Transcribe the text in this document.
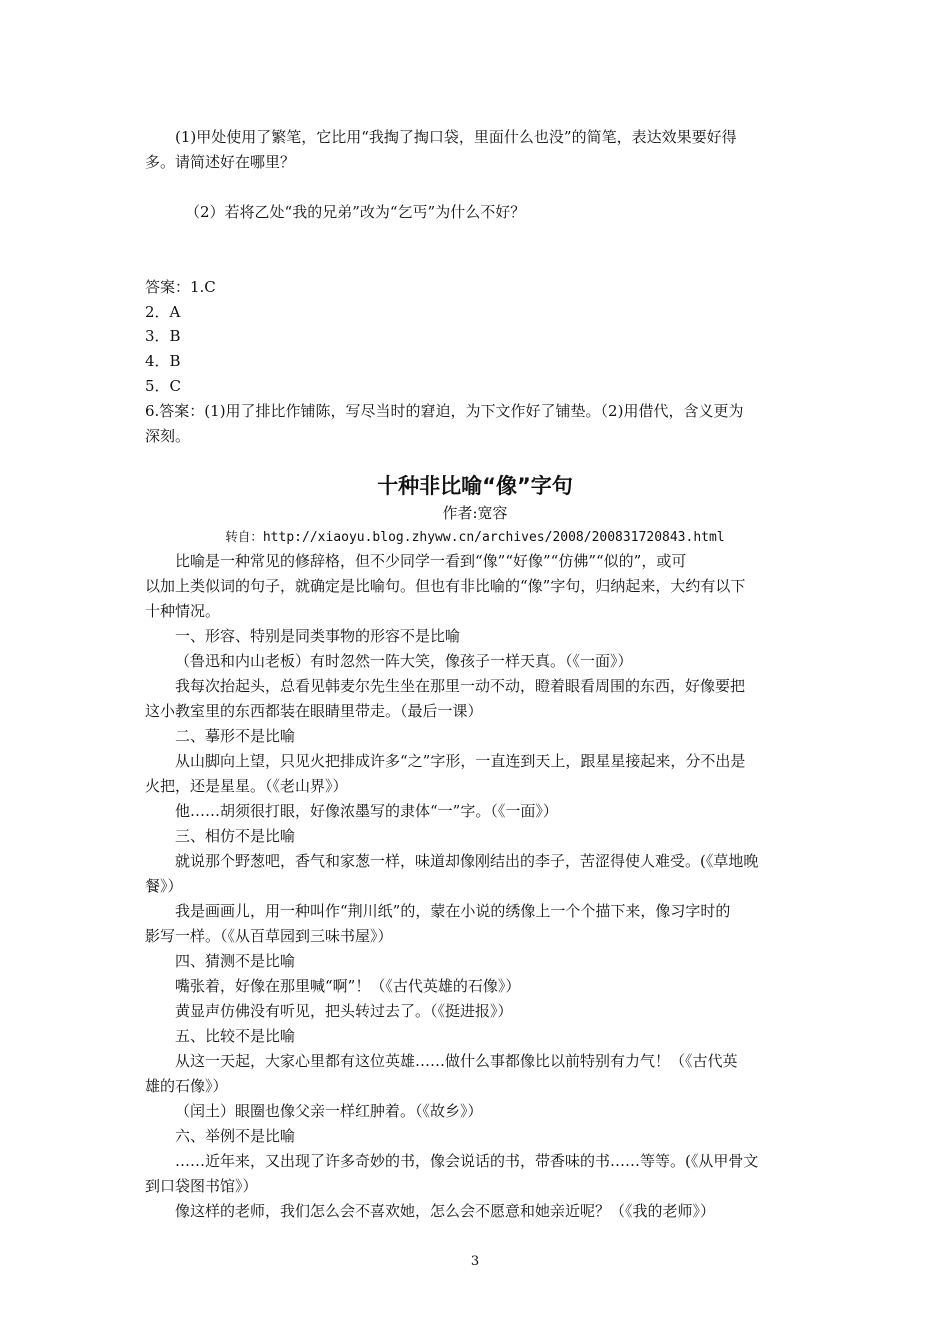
(1)甲处使用了繁笔，它比用“我掏了掏口袋，里面什么也没”的简笔，表达效果要好得
多。请简述好在哪里？
（2）若将乙处“我的兄弟”改为“乞丐”为什么不好？
答案：1.C
2．A
3．B
4．B
5．C
6.答案：(1)用了排比作铺陈，写尽当时的窘迫，为下文作好了铺垫。（2)用借代，含义更为
深刻。
十种非比喻“像”字句
作者:宽容
转自：http://xiaoyu.blog.zhyww.cn/archives/2008/200831720843.html
比喻是一种常见的修辞格，但不少同学一看到“像”“好像”“仿佛”“似的”，或可
以加上类似词的句子，就确定是比喻句。但也有非比喻的“像”字句，归纳起来，大约有以下
十种情况。
一、形容、特别是同类事物的形容不是比喻
（鲁迅和内山老板）有时忽然一阵大笑，像孩子一样天真。（《一面》）
我每次抬起头，总看见韩麦尔先生坐在那里一动不动，瞪着眼看周围的东西，好像要把
这小教室里的东西都装在眼睛里带走。（最后一课）
二、摹形不是比喻
从山脚向上望，只见火把排成许多“之”字形，一直连到天上，跟星星接起来，分不出是
火把，还是星星。（《老山界》）
他……胡须很打眼，好像浓墨写的隶体“一”字。（《一面》）
三、相仿不是比喻
就说那个野葱吧，香气和家葱一样，味道却像刚结出的李子，苦涩得使人难受。(《草地晚
餐》）
我是画画儿，用一种叫作“荆川纸”的，蒙在小说的绣像上一个个描下来，像习字时的
影写一样。（《从百草园到三味书屋》）
四、猜测不是比喻
嘴张着，好像在那里喊“啊”！（《古代英雄的石像》）
黄显声仿佛没有听见，把头转过去了。（《挺进报》）
五、比较不是比喻
从这一天起，大家心里都有这位英雄……做什么事都像比以前特别有力气！（《古代英
雄的石像》）
（闰土）眼圈也像父亲一样红肿着。（《故乡》）
六、举例不是比喻
……近年来，又出现了许多奇妙的书，像会说话的书，带香味的书……等等。(《从甲骨文
到口袋图书馆》）
像这样的老师，我们怎么会不喜欢她，怎么会不愿意和她亲近呢？（《我的老师》）
3
